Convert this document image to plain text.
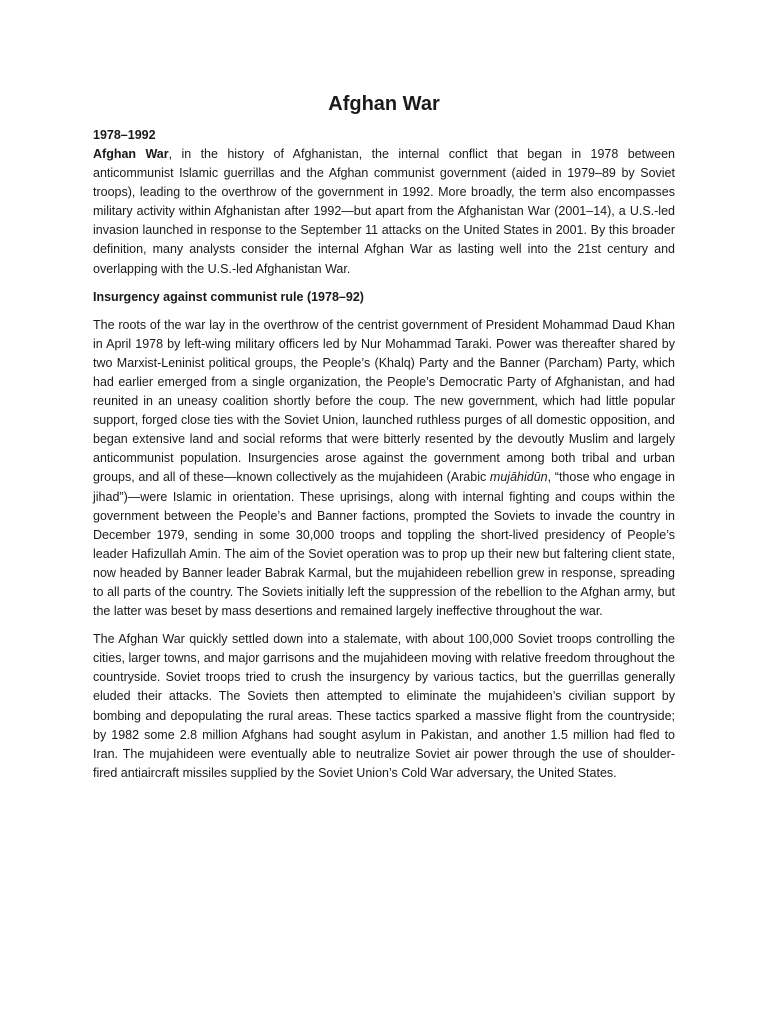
Afghan War
1978–1992

Afghan War, in the history of Afghanistan, the internal conflict that began in 1978 between anticommunist Islamic guerrillas and the Afghan communist government (aided in 1979–89 by Soviet troops), leading to the overthrow of the government in 1992. More broadly, the term also encompasses military activity within Afghanistan after 1992—but apart from the Afghanistan War (2001–14), a U.S.-led invasion launched in response to the September 11 attacks on the United States in 2001. By this broader definition, many analysts consider the internal Afghan War as lasting well into the 21st century and overlapping with the U.S.-led Afghanistan War.

Insurgency against communist rule (1978–92)

The roots of the war lay in the overthrow of the centrist government of President Mohammad Daud Khan in April 1978 by left-wing military officers led by Nur Mohammad Taraki. Power was thereafter shared by two Marxist-Leninist political groups, the People’s (Khalq) Party and the Banner (Parcham) Party, which had earlier emerged from a single organization, the People’s Democratic Party of Afghanistan, and had reunited in an uneasy coalition shortly before the coup. The new government, which had little popular support, forged close ties with the Soviet Union, launched ruthless purges of all domestic opposition, and began extensive land and social reforms that were bitterly resented by the devoutly Muslim and largely anticommunist population. Insurgencies arose against the government among both tribal and urban groups, and all of these—known collectively as the mujahideen (Arabic mujāhidūn, “those who engage in jihad”)—were Islamic in orientation. These uprisings, along with internal fighting and coups within the government between the People’s and Banner factions, prompted the Soviets to invade the country in December 1979, sending in some 30,000 troops and toppling the short-lived presidency of People’s leader Hafizullah Amin. The aim of the Soviet operation was to prop up their new but faltering client state, now headed by Banner leader Babrak Karmal, but the mujahideen rebellion grew in response, spreading to all parts of the country. The Soviets initially left the suppression of the rebellion to the Afghan army, but the latter was beset by mass desertions and remained largely ineffective throughout the war.

The Afghan War quickly settled down into a stalemate, with about 100,000 Soviet troops controlling the cities, larger towns, and major garrisons and the mujahideen moving with relative freedom throughout the countryside. Soviet troops tried to crush the insurgency by various tactics, but the guerrillas generally eluded their attacks. The Soviets then attempted to eliminate the mujahideen’s civilian support by bombing and depopulating the rural areas. These tactics sparked a massive flight from the countryside; by 1982 some 2.8 million Afghans had sought asylum in Pakistan, and another 1.5 million had fled to Iran. The mujahideen were eventually able to neutralize Soviet air power through the use of shoulder-fired antiaircraft missiles supplied by the Soviet Union’s Cold War adversary, the United States.
